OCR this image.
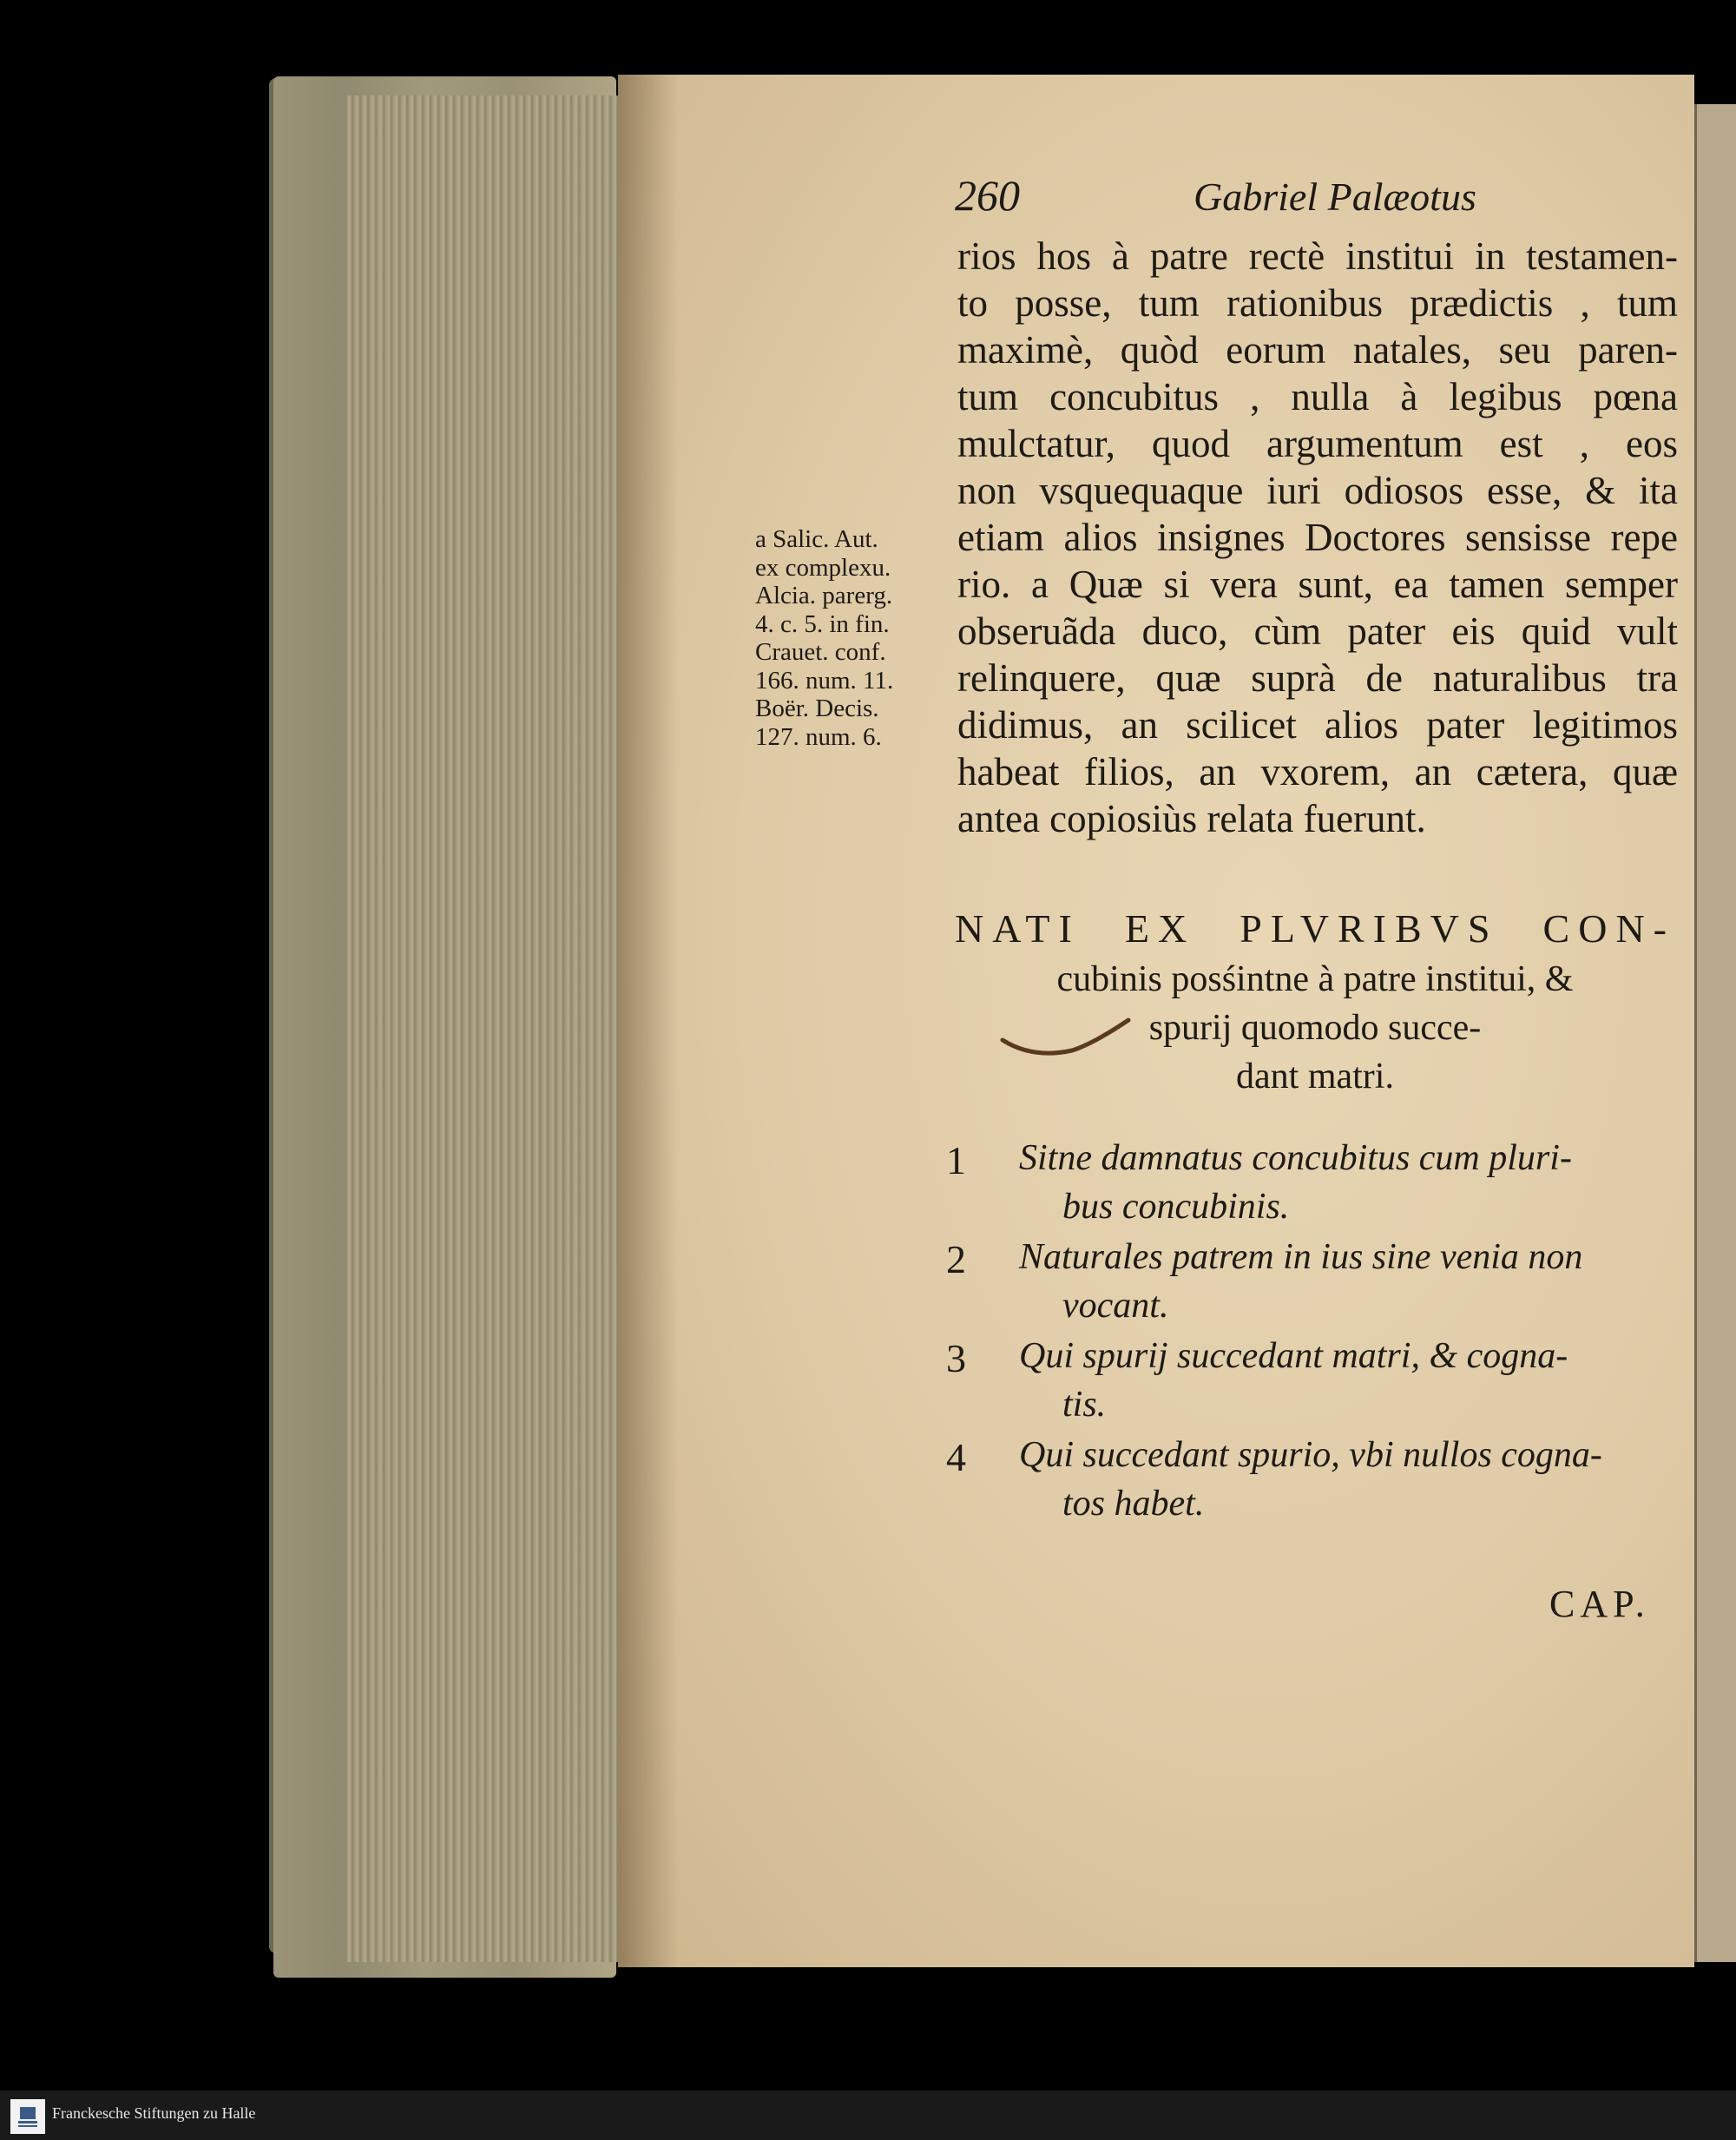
260	Gabriel Palæotus
rios hos à patre rectè institui in testamen-
to posse, tum rationibus prædictis , tum
maximè, quòd eorum natales, seu paren-
tum concubitus , nulla à legibus pœna
mulctatur, quod argumentum est , eos
non vsquequaque iuri odiosos esse, & ita
etiam alios insignes Doctores sensisse repe
rio. a Quæ si vera sunt, ea tamen semper
obseruãda duco, cùm pater eis quid vult
relinquere, quæ suprà de naturalibus tra
didimus, an scilicet alios pater legitimos
habeat filios, an vxorem, an cætera, quæ
antea copiosiùs relata fuerunt.
a Salic. Aut.
ex complexu.
Alcia. parerg.
4. c. 5. in fin.
Crauet. conf.
166. num. 11.
Boër. Decis.
127. num. 6.
NATI EX PLVRIBVS CON-
cubinis posśintne à patre institui, &
spurij quomodo succe-
dant matri.
1 Sitne damnatus concubitus cum pluri-
bus concubinis.
2 Naturales patrem in ius sine venia non
vocant.
3 Qui spurij succedant matri, & cogna-
tis.
4 Qui succedant spurio, vbi nullos cogna-
tos habet.
CAP.
Franckesche Stiftungen zu Halle
